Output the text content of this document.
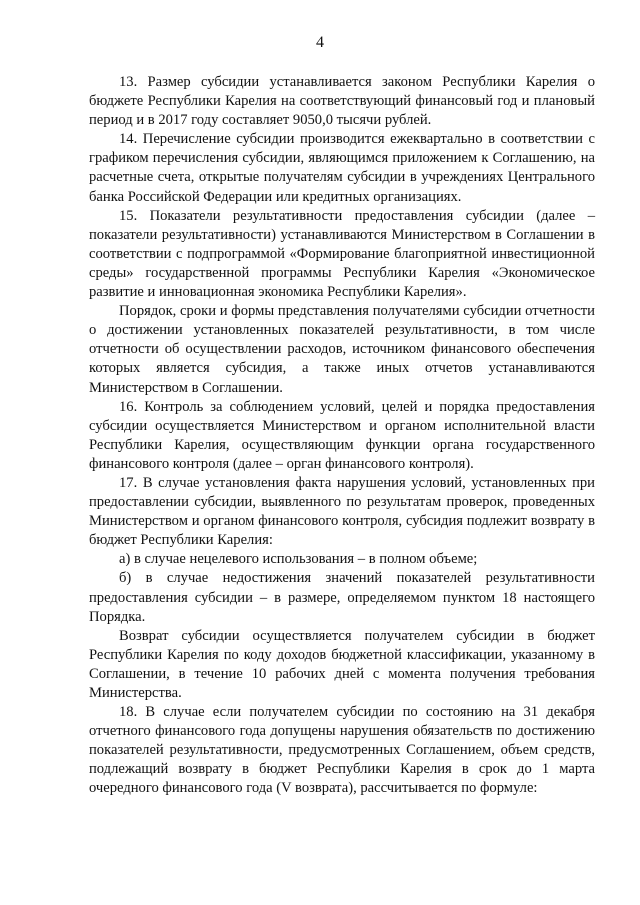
4

13. Размер субсидии устанавливается законом Республики Карелия о бюджете Республики Карелия на соответствующий финансовый год и плановый период и в 2017 году составляет 9050,0 тысячи рублей.

14. Перечисление субсидии производится ежеквартально в соответствии с графиком перечисления субсидии, являющимся приложением к Соглашению, на расчетные счета, открытые получателям субсидии в учреждениях Центрального банка Российской Федерации или кредитных организациях.

15. Показатели результативности предоставления субсидии (далее – показатели результативности) устанавливаются Министерством в Соглашении в соответствии с подпрограммой «Формирование благоприятной инвестиционной среды» государственной программы Республики Карелия «Экономическое развитие и инновационная экономика Республики Карелия».

Порядок, сроки и формы представления получателями субсидии отчетности о достижении установленных показателей результативности, в том числе отчетности об осуществлении расходов, источником финансового обеспечения которых является субсидия, а также иных отчетов устанавливаются Министерством в Соглашении.

16. Контроль за соблюдением условий, целей и порядка предоставления субсидии осуществляется Министерством и органом исполнительной власти Республики Карелия, осуществляющим функции органа государственного финансового контроля (далее – орган финансового контроля).

17. В случае установления факта нарушения условий, установленных при предоставлении субсидии, выявленного по результатам проверок, проведенных Министерством и органом финансового контроля, субсидия подлежит возврату в бюджет Республики Карелия:

а) в случае нецелевого использования – в полном объеме;

б) в случае недостижения значений показателей результативности предоставления субсидии – в размере, определяемом пунктом 18 настоящего Порядка.

Возврат субсидии осуществляется получателем субсидии в бюджет Республики Карелия по коду доходов бюджетной классификации, указанному в Соглашении, в течение 10 рабочих дней с момента получения требования Министерства.

18. В случае если получателем субсидии по состоянию на 31 декабря отчетного финансового года допущены нарушения обязательств по достижению показателей результативности, предусмотренных Соглашением, объем средств, подлежащий возврату в бюджет Республики Карелия в срок до 1 марта очередного финансового года (V возврата), рассчитывается по формуле:
